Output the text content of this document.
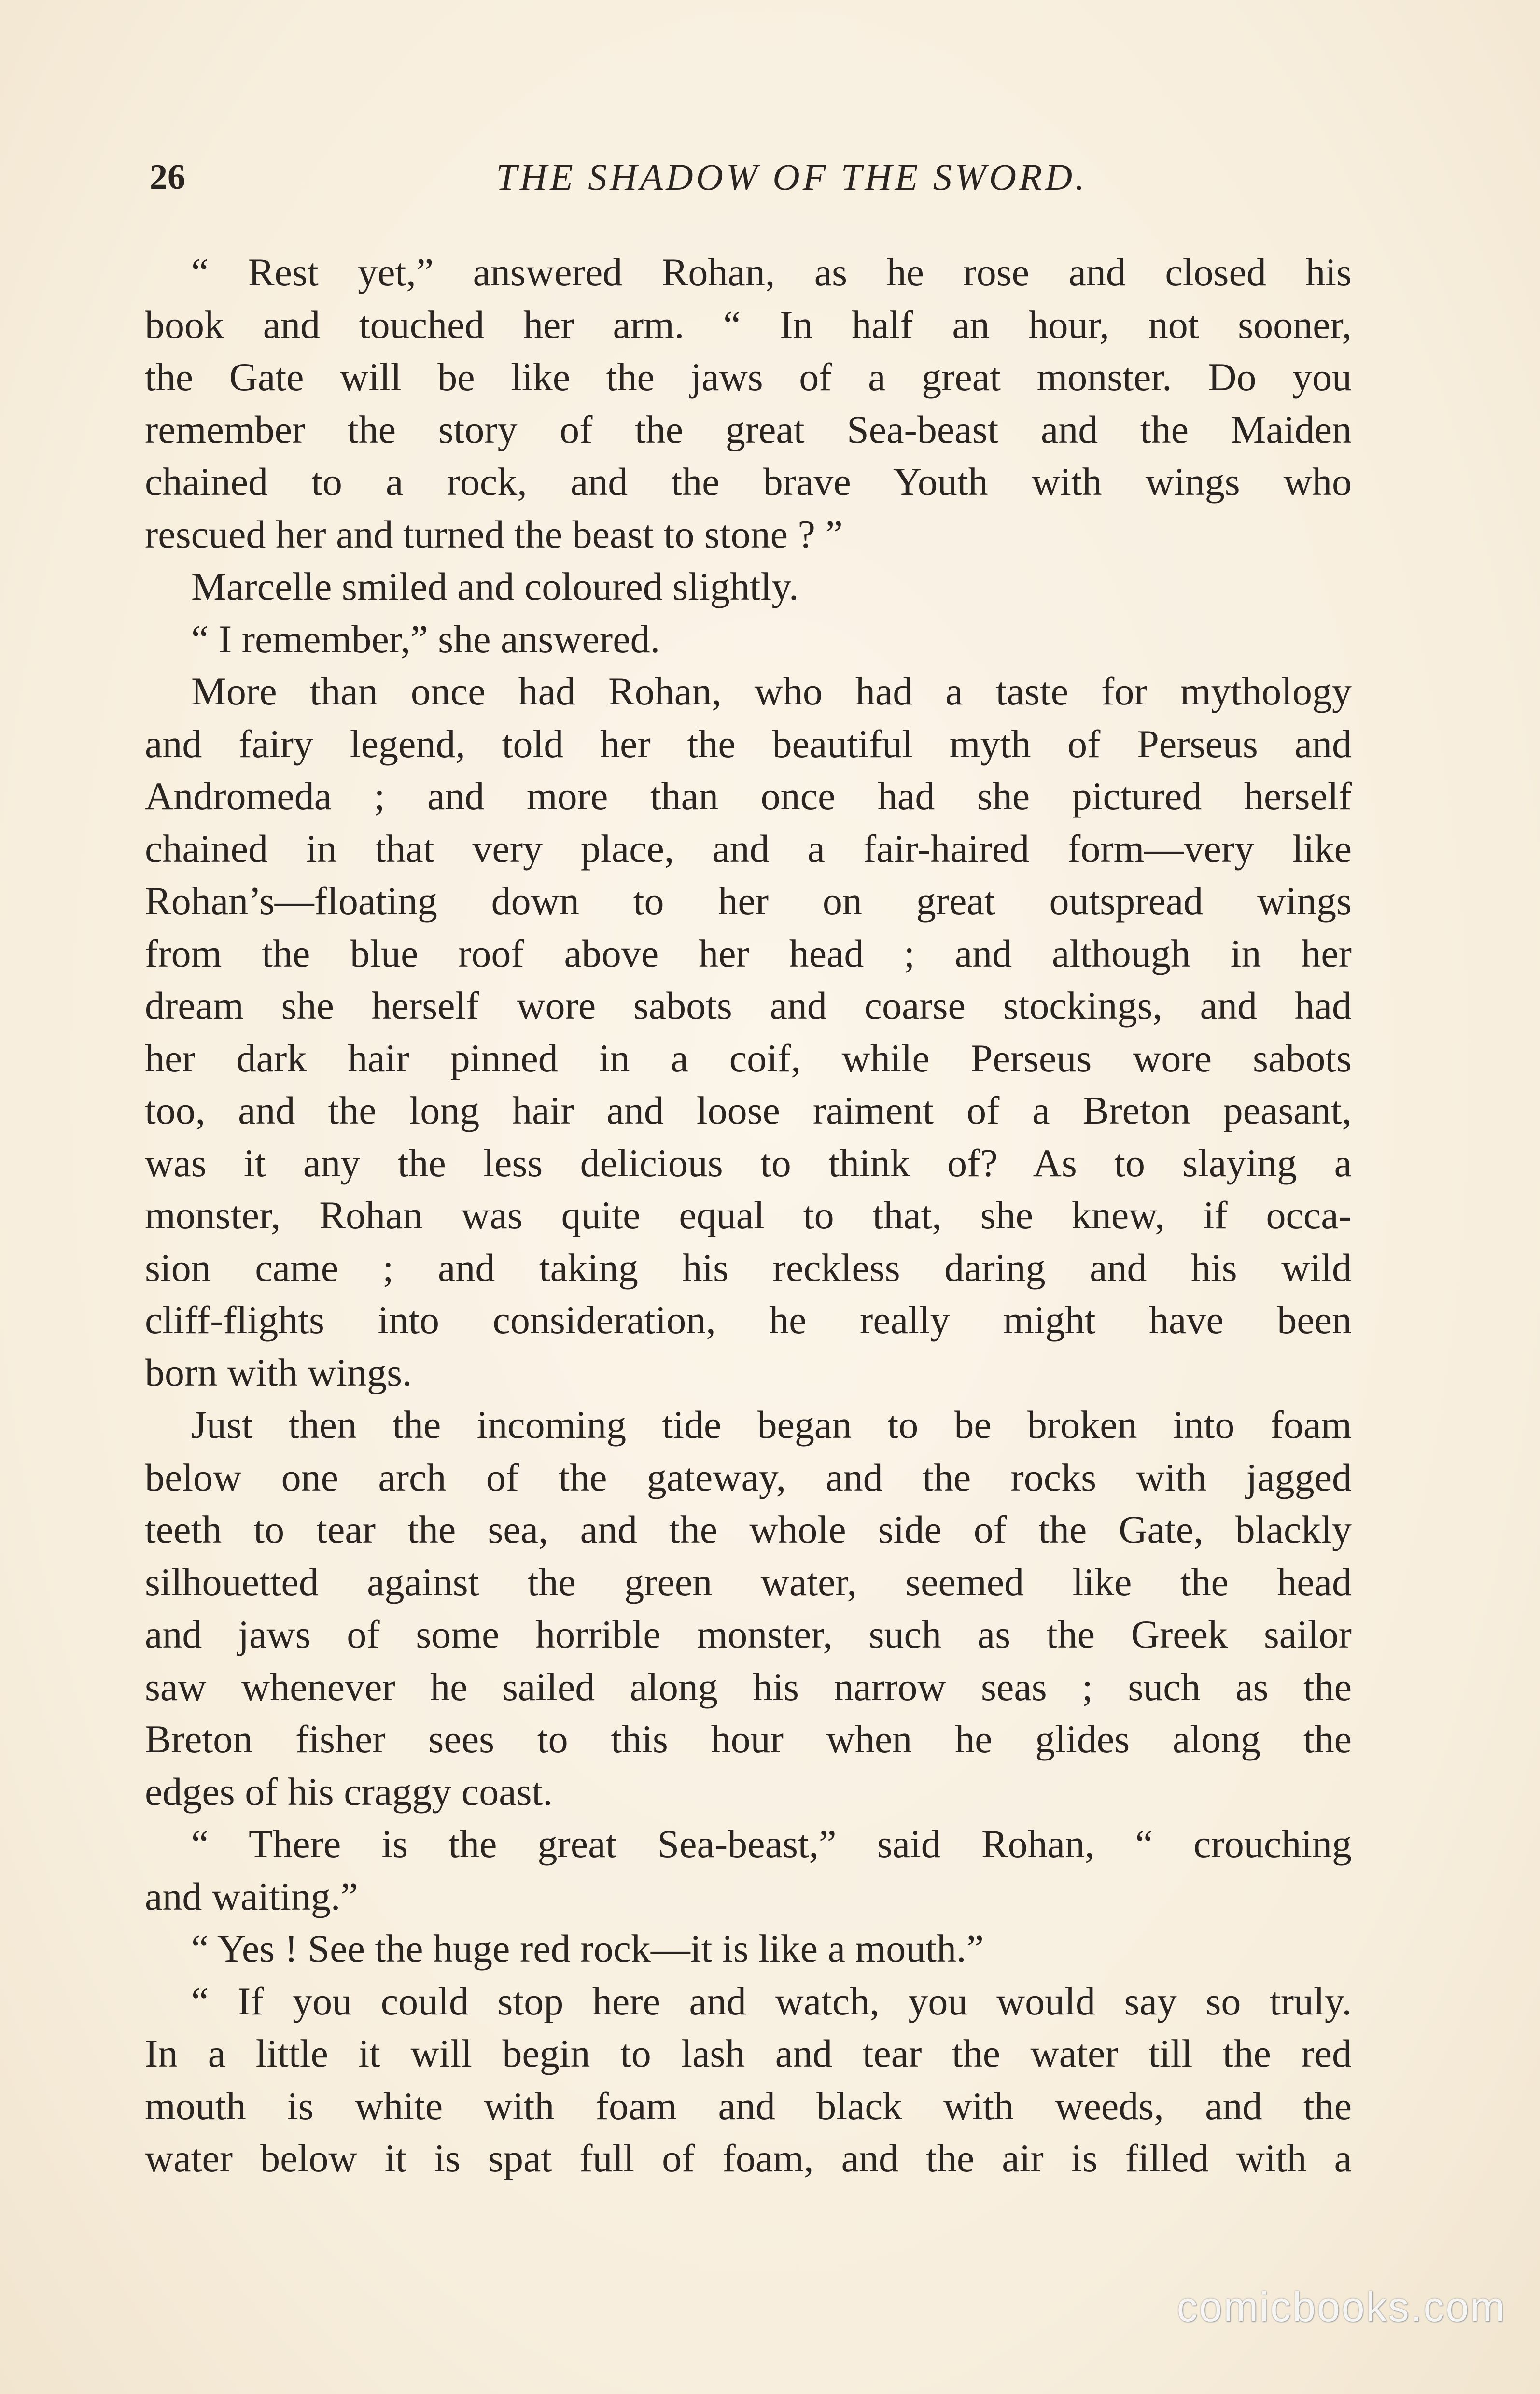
26	THE SHADOW OF THE SWORD.
“ Rest yet,” answered Rohan, as he rose and closed his
book and touched her arm. “ In half an hour, not sooner,
the Gate will be like the jaws of a great monster. Do you
remember the story of the great Sea-beast and the Maiden
chained to a rock, and the brave Youth with wings who
rescued her and turned the beast to stone ? ”
Marcelle smiled and coloured slightly.
“ I remember,” she answered.
More than once had Rohan, who had a taste for mythology
and fairy legend, told her the beautiful myth of Perseus and
Andromeda ; and more than once had she pictured herself
chained in that very place, and a fair-haired form—very like
Rohan’s—floating down to her on great outspread wings
from the blue roof above her head ; and although in her
dream she herself wore sabots and coarse stockings, and had
her dark hair pinned in a coif, while Perseus wore sabots
too, and the long hair and loose raiment of a Breton peasant,
was it any the less delicious to think of? As to slaying a
monster, Rohan was quite equal to that, she knew, if occa-
sion came ; and taking his reckless daring and his wild
cliff-flights into consideration, he really might have been
born with wings.
Just then the incoming tide began to be broken into foam
below one arch of the gateway, and the rocks with jagged
teeth to tear the sea, and the whole side of the Gate, blackly
silhouetted against the green water, seemed like the head
and jaws of some horrible monster, such as the Greek sailor
saw whenever he sailed along his narrow seas ; such as the
Breton fisher sees to this hour when he glides along the
edges of his craggy coast.
“ There is the great Sea-beast,” said Rohan, “ crouching
and waiting.”
“ Yes ! See the huge red rock—it is like a mouth.”
“ If you could stop here and watch, you would say so truly.
In a little it will begin to lash and tear the water till the red
mouth is white with foam and black with weeds, and the
water below it is spat full of foam, and the air is filled with a
comicbooks.com
